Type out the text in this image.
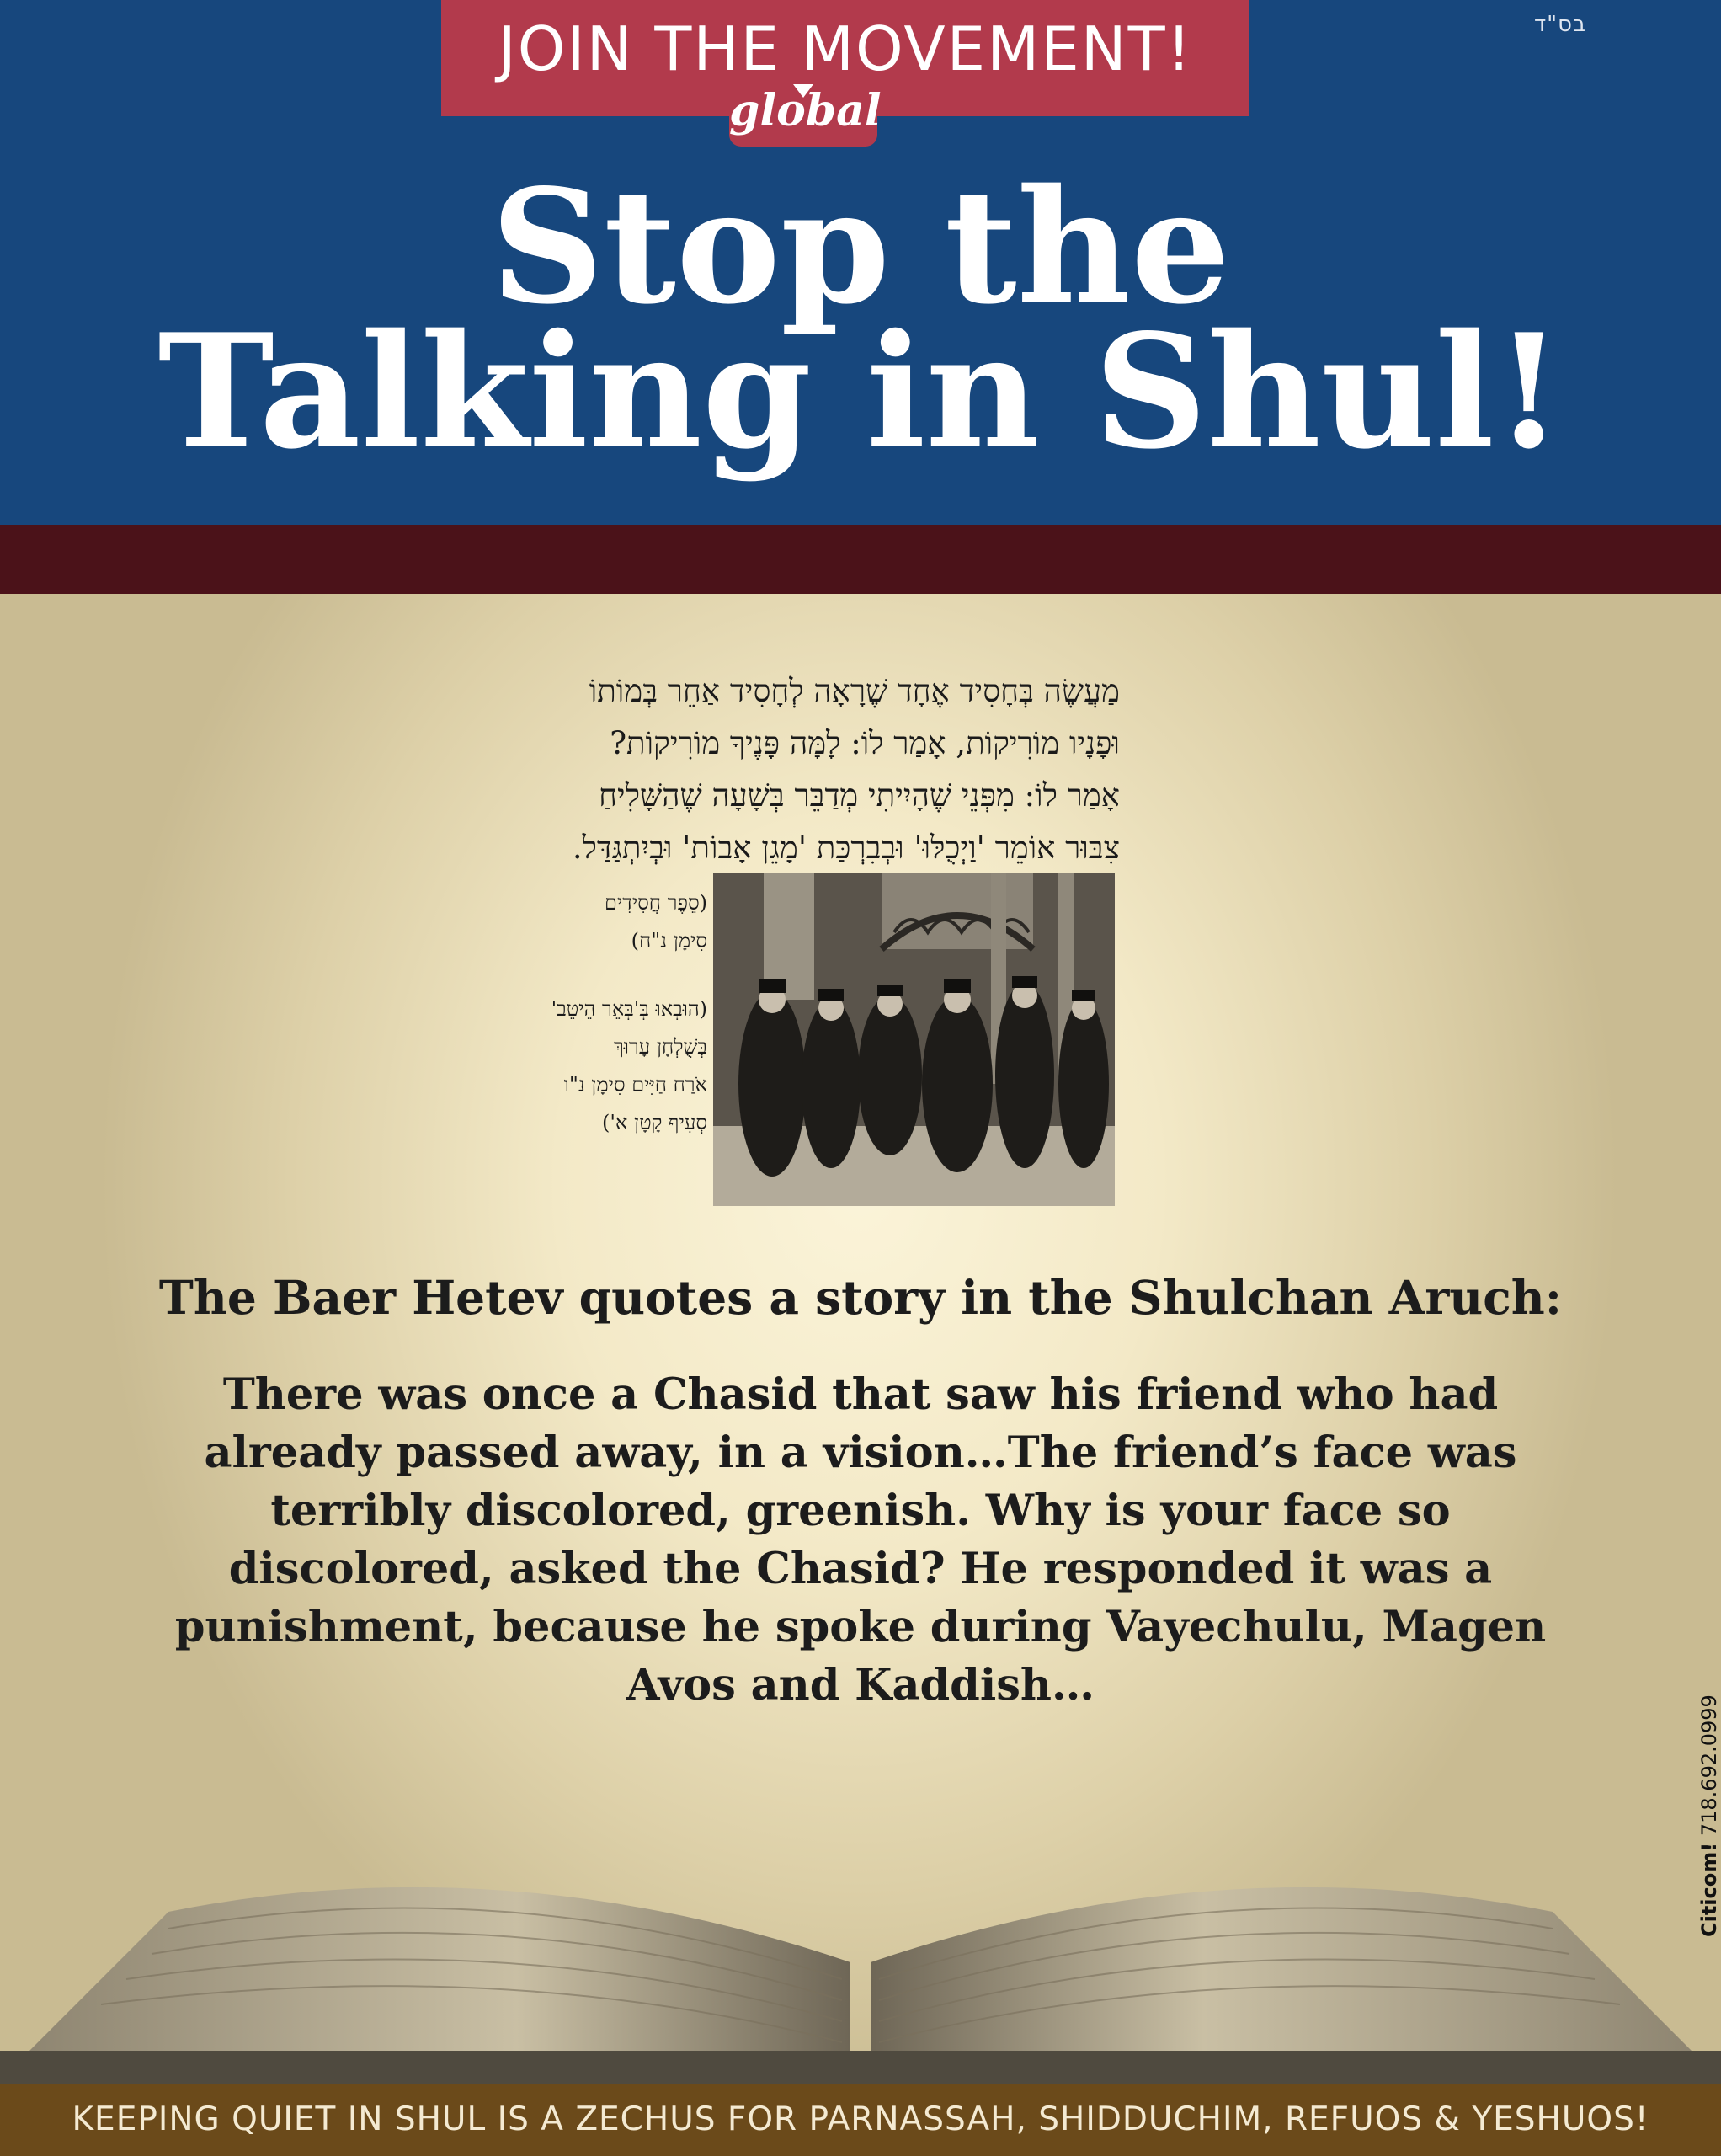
בס"ד
JOIN THE MOVEMENT!
global
Stop the
Talking in Shul!
מַעֲשֶׂה בְּחָסִיד אֶחָד שֶׁרָאָה לְחָסִיד אַחֵר בְּמוֹתוֹ
וּפָנָיו מוֹרִיקוֹת, אָמַר לוֹ: לָמָּה פָּנֶיךָ מוֹרִיקוֹת?
אָמַר לוֹ: מִפְּנֵי שֶׁהָיִיתִי מְדַבֵּר בְּשָׁעָה שֶׁהַשָּׁלִיחַ
צִבּוּר אוֹמֵר 'וַיְכֻלּוּ' וּבְבִרְכַּת 'מָגֵן אָבוֹת' וּבְיִתְגַּדַּל.
(סֵפֶר חֲסִידִים
סִימָן נ"ח)
(הוּבְאוּ בְּ'בְּאֵר הֵיטֵב'
בְּשֻׁלְחָן עָרוּךְ
אֹרַח חַיִּים סִימָן נ"ו
סְעִיף קָטָן א')
The Baer Hetev quotes a story in the Shulchan Aruch:
There was once a Chasid that saw his friend who had already passed away, in a vision…The friend’s face was terribly discolored, greenish. Why is your face so discolored, asked the Chasid? He responded it was a punishment, because he spoke during Vayechulu, Magen Avos and Kaddish…
Citicom! 718.692.0999
KEEPING QUIET IN SHUL IS A ZECHUS FOR PARNASSAH, SHIDDUCHIM, REFUOS & YESHUOS!
